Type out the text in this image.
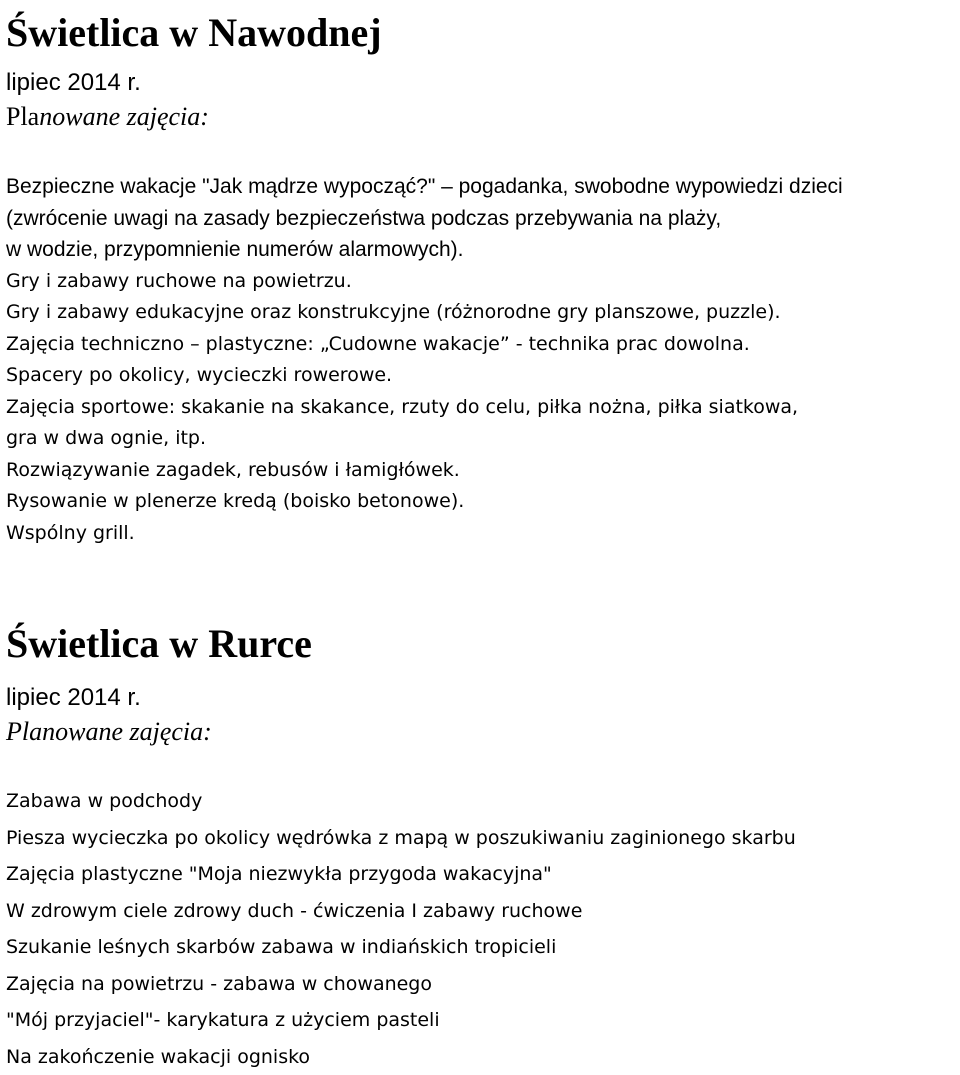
Świetlica w Nawodnej
lipiec 2014 r.
Planowane zajęcia:
Bezpieczne wakacje "Jak mądrze wypocząć?" – pogadanka, swobodne wypowiedzi dzieci
(zwrócenie uwagi na zasady bezpieczeństwa podczas przebywania na plaży,
w wodzie, przypomnienie numerów alarmowych).
Gry i zabawy ruchowe na powietrzu.
Gry i zabawy edukacyjne oraz konstrukcyjne (różnorodne gry planszowe, puzzle).
Zajęcia techniczno – plastyczne: „Cudowne wakacje” - technika prac dowolna.
Spacery po okolicy, wycieczki rowerowe.
Zajęcia sportowe: skakanie na skakance, rzuty do celu, piłka nożna, piłka siatkowa,
gra w dwa ognie, itp.
Rozwiązywanie zagadek, rebusów i łamigłówek.
Rysowanie w plenerze kredą (boisko betonowe).
Wspólny grill.
Świetlica w Rurce
lipiec 2014 r.
Planowane zajęcia:
Zabawa w podchody
Piesza wycieczka po okolicy wędrówka z mapą w poszukiwaniu zaginionego skarbu
Zajęcia plastyczne "Moja niezwykła przygoda wakacyjna"
W zdrowym ciele zdrowy duch - ćwiczenia I zabawy ruchowe
Szukanie leśnych skarbów zabawa w indiańskich tropicieli
Zajęcia na powietrzu - zabawa w chowanego
"Mój przyjaciel"- karykatura z użyciem pasteli
Na zakończenie wakacji ognisko
